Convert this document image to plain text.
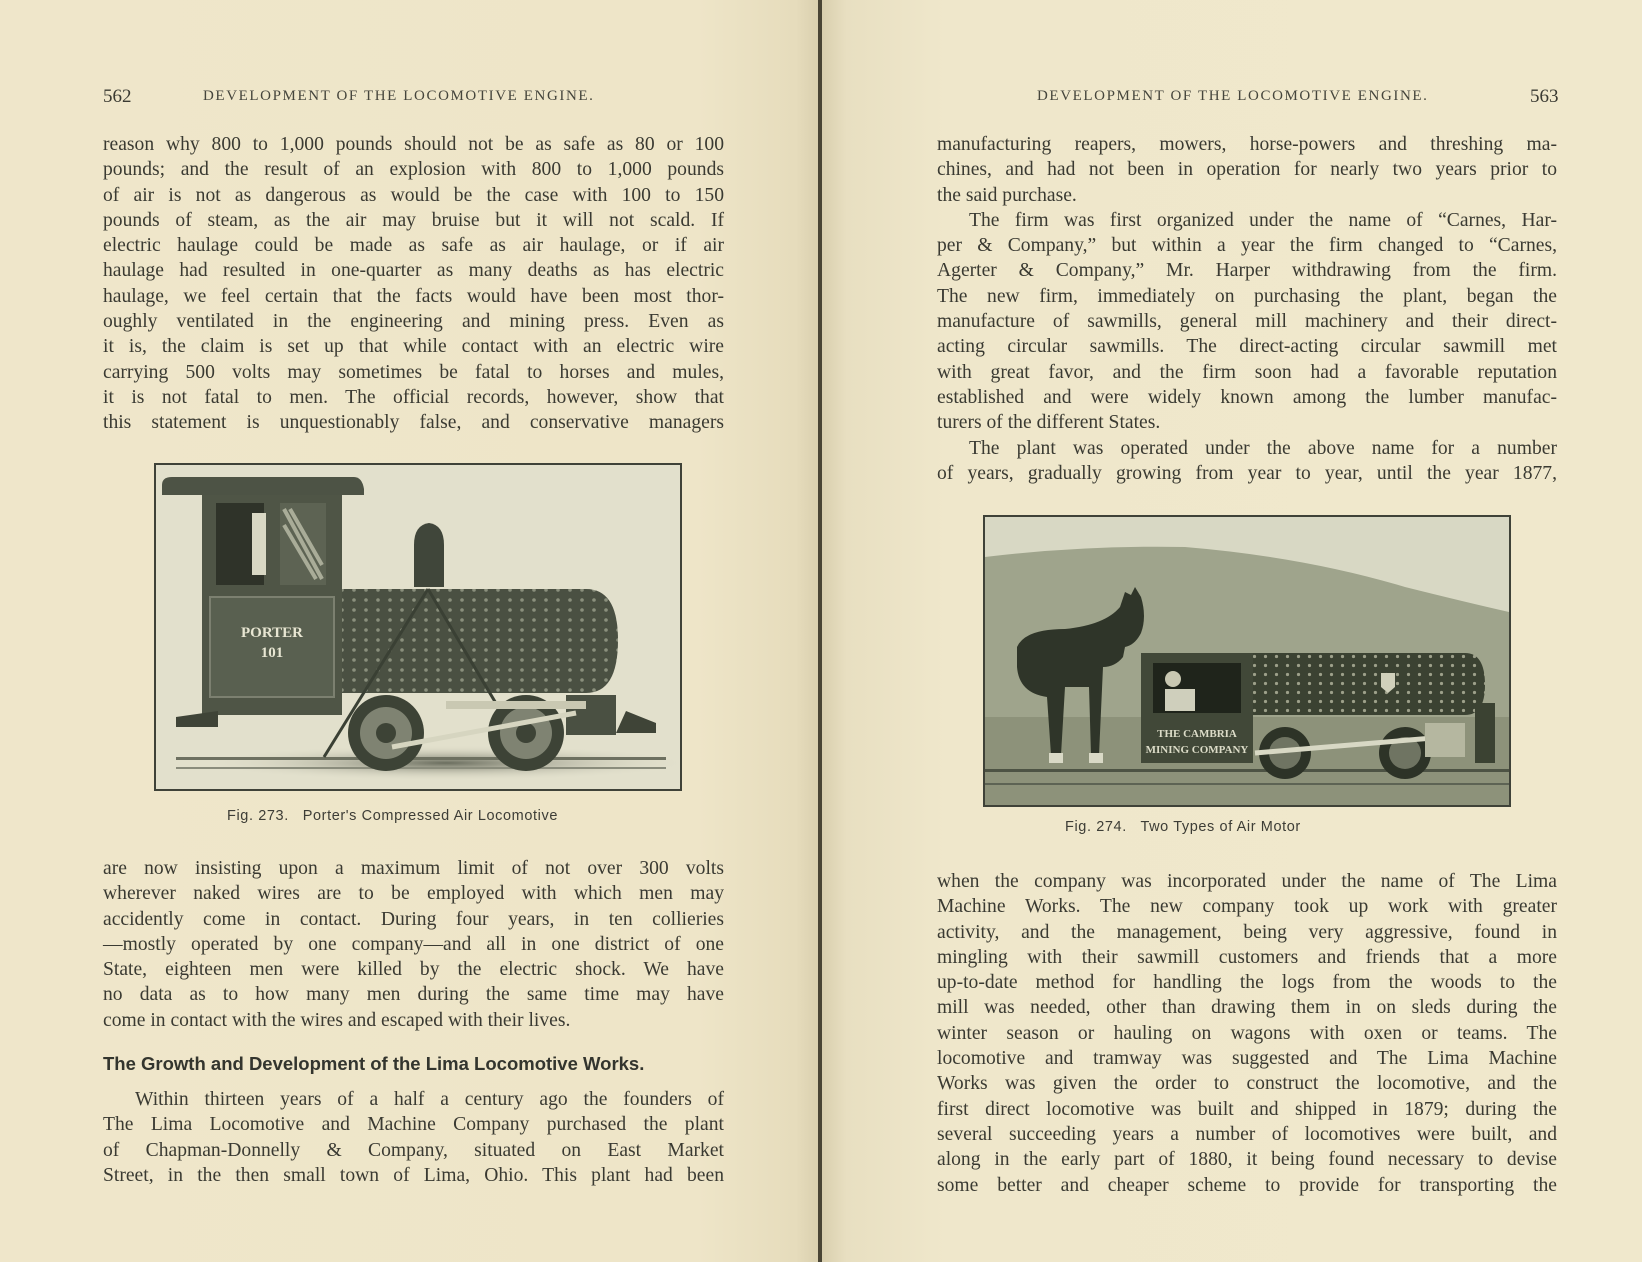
562	DEVELOPMENT OF THE LOCOMOTIVE ENGINE.
reason why 800 to 1,000 pounds should not be as safe as 80 or 100
pounds; and the result of an explosion with 800 to 1,000 pounds
of air is not as dangerous as would be the case with 100 to 150
pounds of steam, as the air may bruise but it will not scald. If
electric haulage could be made as safe as air haulage, or if air
haulage had resulted in one-quarter as many deaths as has electric
haulage, we feel certain that the facts would have been most thor-
oughly ventilated in the engineering and mining press. Even as
it is, the claim is set up that while contact with an electric wire
carrying 500 volts may sometimes be fatal to horses and mules,
it is not fatal to men. The official records, however, show that
this statement is unquestionably false, and conservative managers
PORTER
101
Fig. 273. Porter's Compressed Air Locomotive
are now insisting upon a maximum limit of not over 300 volts
wherever naked wires are to be employed with which men may
accidently come in contact. During four years, in ten collieries
—mostly operated by one company—and all in one district of one
State, eighteen men were killed by the electric shock. We have
no data as to how many men during the same time may have
come in contact with the wires and escaped with their lives.
The Growth and Development of the Lima Locomotive Works.
Within thirteen years of a half a century ago the founders of
The Lima Locomotive and Machine Company purchased the plant
of Chapman-Donnelly & Company, situated on East Market
Street, in the then small town of Lima, Ohio. This plant had been
DEVELOPMENT OF THE LOCOMOTIVE ENGINE.	563
manufacturing reapers, mowers, horse-powers and threshing ma-
chines, and had not been in operation for nearly two years prior to
the said purchase.
The firm was first organized under the name of “Carnes, Har-
per & Company,” but within a year the firm changed to “Carnes,
Agerter & Company,” Mr. Harper withdrawing from the firm.
The new firm, immediately on purchasing the plant, began the
manufacture of sawmills, general mill machinery and their direct-
acting circular sawmills. The direct-acting circular sawmill met
with great favor, and the firm soon had a favorable reputation
established and were widely known among the lumber manufac-
turers of the different States.
The plant was operated under the above name for a number
of years, gradually growing from year to year, until the year 1877,
THE CAMBRIA
MINING COMPANY
Fig. 274. Two Types of Air Motor
when the company was incorporated under the name of The Lima
Machine Works. The new company took up work with greater
activity, and the management, being very aggressive, found in
mingling with their sawmill customers and friends that a more
up-to-date method for handling the logs from the woods to the
mill was needed, other than drawing them in on sleds during the
winter season or hauling on wagons with oxen or teams. The
locomotive and tramway was suggested and The Lima Machine
Works was given the order to construct the locomotive, and the
first direct locomotive was built and shipped in 1879; during the
several succeeding years a number of locomotives were built, and
along in the early part of 1880, it being found necessary to devise
some better and cheaper scheme to provide for transporting the
